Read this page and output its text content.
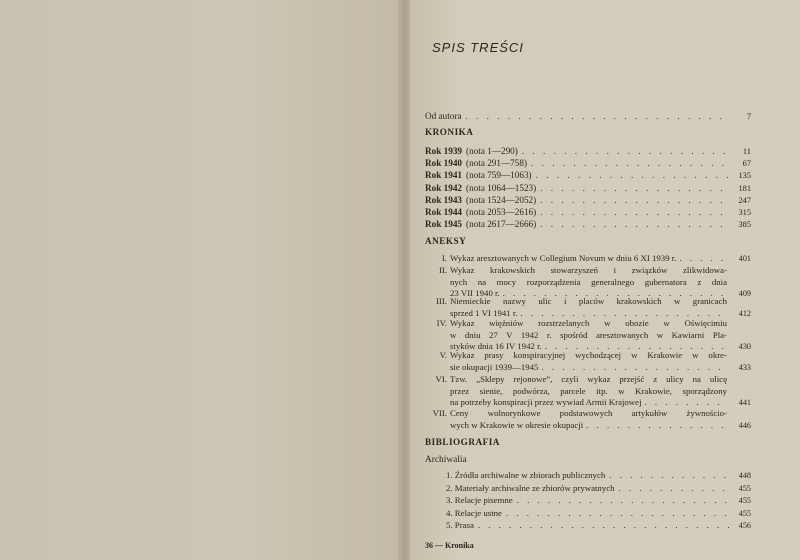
SPIS TREŚCI
Od autora . . .	7
KRONIKA
Rok 1939 (nota 1—290) . . .	11
Rok 1940 (nota 291—758) . . .	67
Rok 1941 (nota 759—1063) . . .	135
Rok 1942 (nota 1064—1523) . . .	181
Rok 1943 (nota 1524—2052) . . .	247
Rok 1944 (nota 2053—2616) . . .	315
Rok 1945 (nota 2617—2666) . . .	385
ANEKSY
I. Wykaz aresztowanych w Collegium Novum w dniu 6 XI 1939 r. . . .	401
II. Wykaz krakowskich stowarzyszeń i związków zlikwidowa-
nych na mocy rozporządzenia generalnego gubernatora z dnia
23 VII 1940 r. . . .	409
III. Niemieckie nazwy ulic i placów krakowskich w granicach
sprzed 1 VI 1941 r. . . .	412
IV. Wykaz więźniów rozstrzelanych w obozie w Oświęcimiu
w dniu 27 V 1942 r. spośród aresztowanych w Kawiarni Pla-
styków dnia 16 IV 1942 r. . . .	430
V. Wykaz prasy konspiracyjnej wychodzącej w Krakowie w okre-
sie okupacji 1939—1945 . . .	433
VI. Tzw. „Sklepy rejonowe”, czyli wykaz przejść z ulicy na ulicę
przez sienie, podwórza, parcele itp. w Krakowie, sporządzony
na potrzeby konspiracji przez wywiad Armii Krajowej . . .	441
VII. Ceny wolnorynkowe podstawowych artykułów żywnościo-
wych w Krakowie w okresie okupacji . . .	446
BIBLIOGRAFIA
Archiwalia
1. Źródła archiwalne w zbiorach publicznych . . .	448
2. Materiały archiwalne ze zbiorów prywatnych . . .	455
3. Relacje pisemne . . .	455
4. Relacje ustne . . .	455
5. Prasa . . .	456
36 — Kronika
